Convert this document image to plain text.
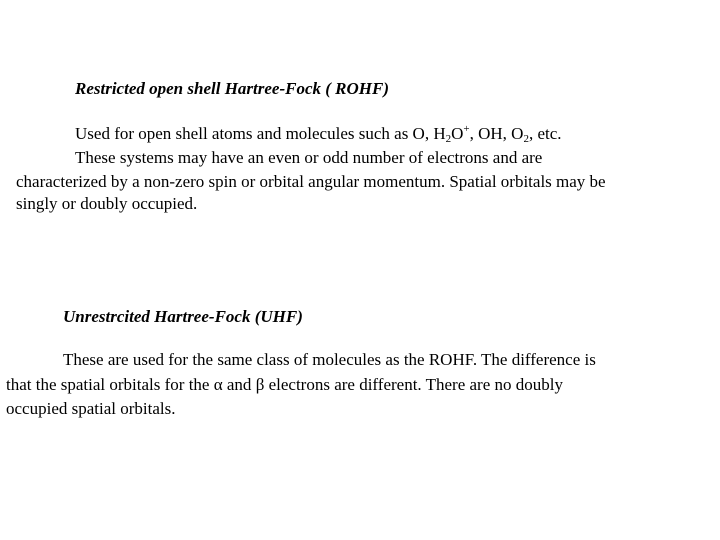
Restricted open shell Hartree-Fock ( ROHF)
Used for open shell atoms and molecules such as O, $H_2O^+$, OH, $O_2$, etc.
These systems may have an even or odd number of electrons and are
characterized by a non-zero spin or orbital angular momentum. Spatial orbitals may be
singly or doubly occupied.
Unrestrcited Hartree-Fock (UHF)
These are used for the same class of molecules as the ROHF. The difference is
that the spatial orbitals for the α and β electrons are different. There are no doubly
occupied spatial orbitals.
